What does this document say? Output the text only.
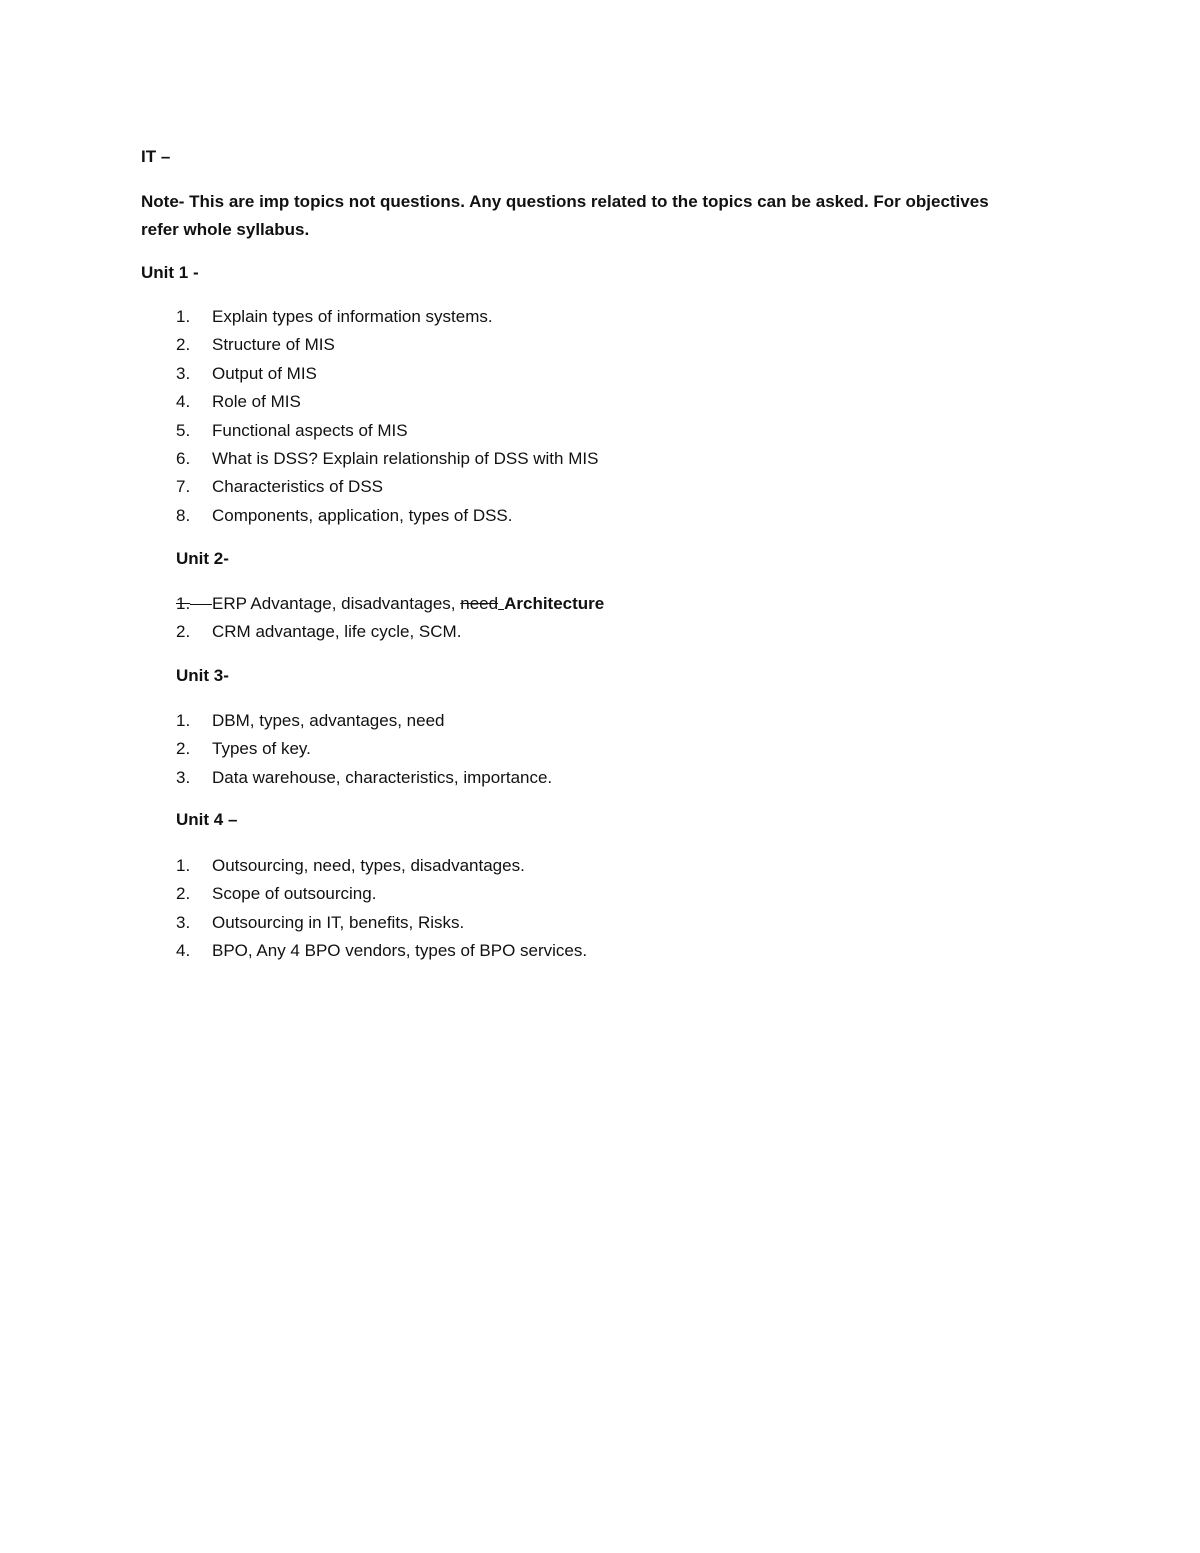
IT –
Note- This are imp topics not questions. Any questions related to the topics can be asked. For objectives refer whole syllabus.
Unit 1 -
1. Explain types of information systems.
2. Structure of MIS
3. Output of MIS
4. Role of MIS
5. Functional aspects of MIS
6. What is DSS? Explain relationship of DSS with MIS
7. Characteristics of DSS
8. Components, application, types of DSS.
Unit 2-
1. ERP Advantage, disadvantages, need Architecture
2. CRM advantage, life cycle, SCM.
Unit 3-
1. DBM, types, advantages, need
2. Types of key.
3. Data warehouse, characteristics, importance.
Unit 4 –
1. Outsourcing, need, types, disadvantages.
2. Scope of outsourcing.
3. Outsourcing in IT, benefits, Risks.
4. BPO, Any 4 BPO vendors, types of BPO services.
